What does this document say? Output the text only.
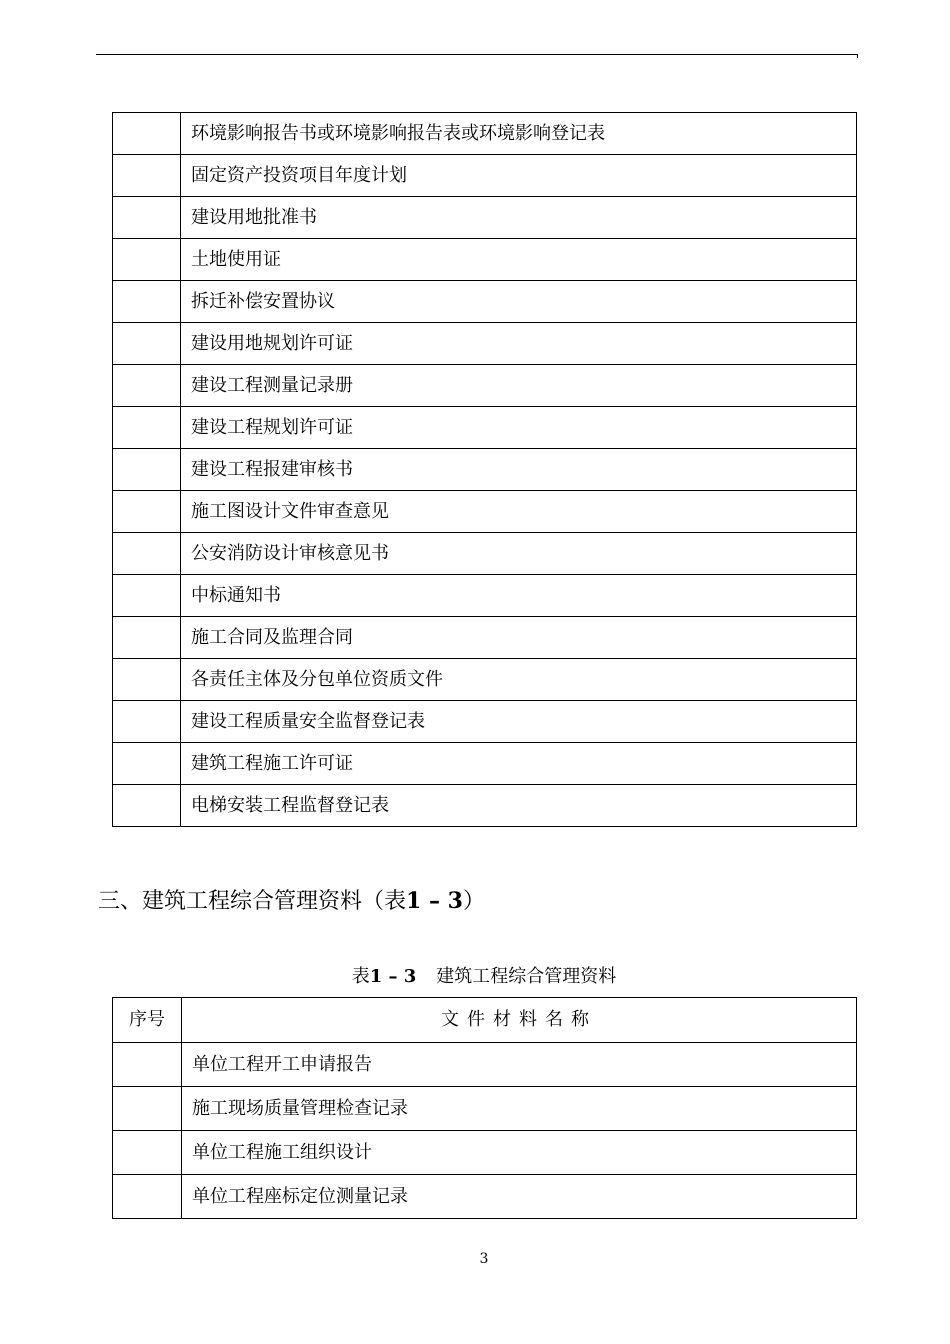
	环境影响报告书或环境影响报告表或环境影响登记表
	固定资产投资项目年度计划
	建设用地批准书
	土地使用证
	拆迁补偿安置协议
	建设用地规划许可证
	建设工程测量记录册
	建设工程规划许可证
	建设工程报建审核书
	施工图设计文件审查意见
	公安消防设计审核意见书
	中标通知书
	施工合同及监理合同
	各责任主体及分包单位资质文件
	建设工程质量安全监督登记表
	建筑工程施工许可证
	电梯安装工程监督登记表
三、建筑工程综合管理资料（表1 – 3）
表1 – 3 建筑工程综合管理资料
序号	文件材料名称
	单位工程开工申请报告
	施工现场质量管理检查记录
	单位工程施工组织设计
	单位工程座标定位测量记录
3
